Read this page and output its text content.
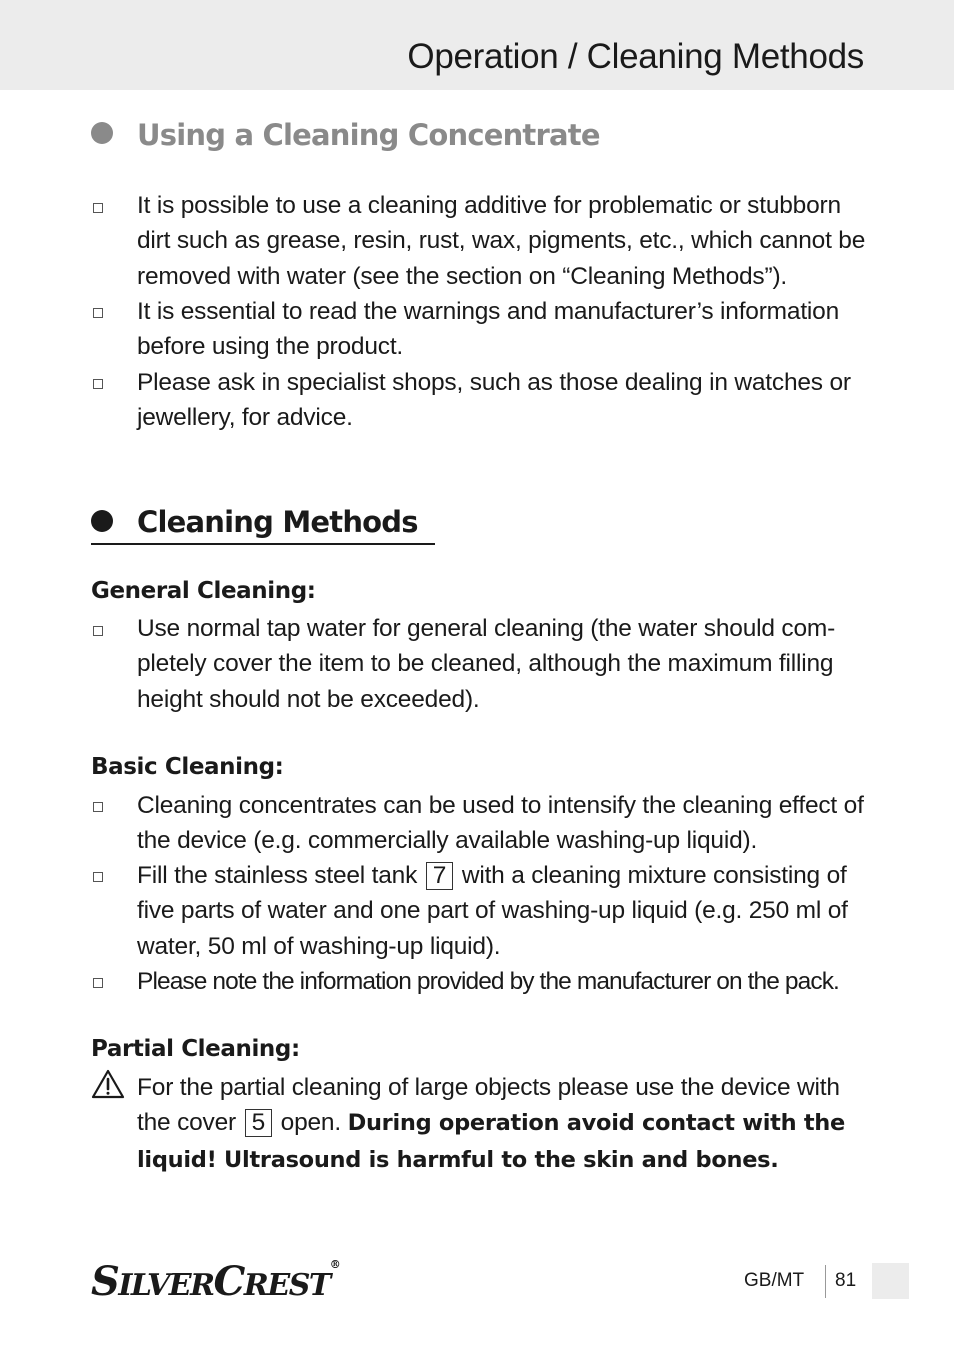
Operation / Cleaning Methods
Using a Cleaning Concentrate
It is possible to use a cleaning additive for problematic or stubborn dirt such as grease, resin, rust, wax, pigments, etc., which cannot be removed with water (see the section on “Cleaning Methods”).
It is essential to read the warnings and manufacturer’s information before using the product.
Please ask in specialist shops, such as those dealing in watches or jewellery, for advice.
Cleaning Methods
General Cleaning:
Use normal tap water for general cleaning (the water should com- pletely cover the item to be cleaned, although the maximum filling height should not be exceeded).
Basic Cleaning:
Cleaning concentrates can be used to intensify the cleaning effect of the device (e.g. commercially available washing-up liquid).
Fill the stainless steel tank 7 with a cleaning mixture consisting of five parts of water and one part of washing-up liquid (e.g. 250 ml of water, 50 ml of washing-up liquid).
Please note the information provided by the manufacturer on the pack.
Partial Cleaning:
For the partial cleaning of large objects please use the device with the cover 5 open. During operation avoid contact with the liquid! Ultrasound is harmful to the skin and bones.
SILVERCREST®
GB/MT 81
